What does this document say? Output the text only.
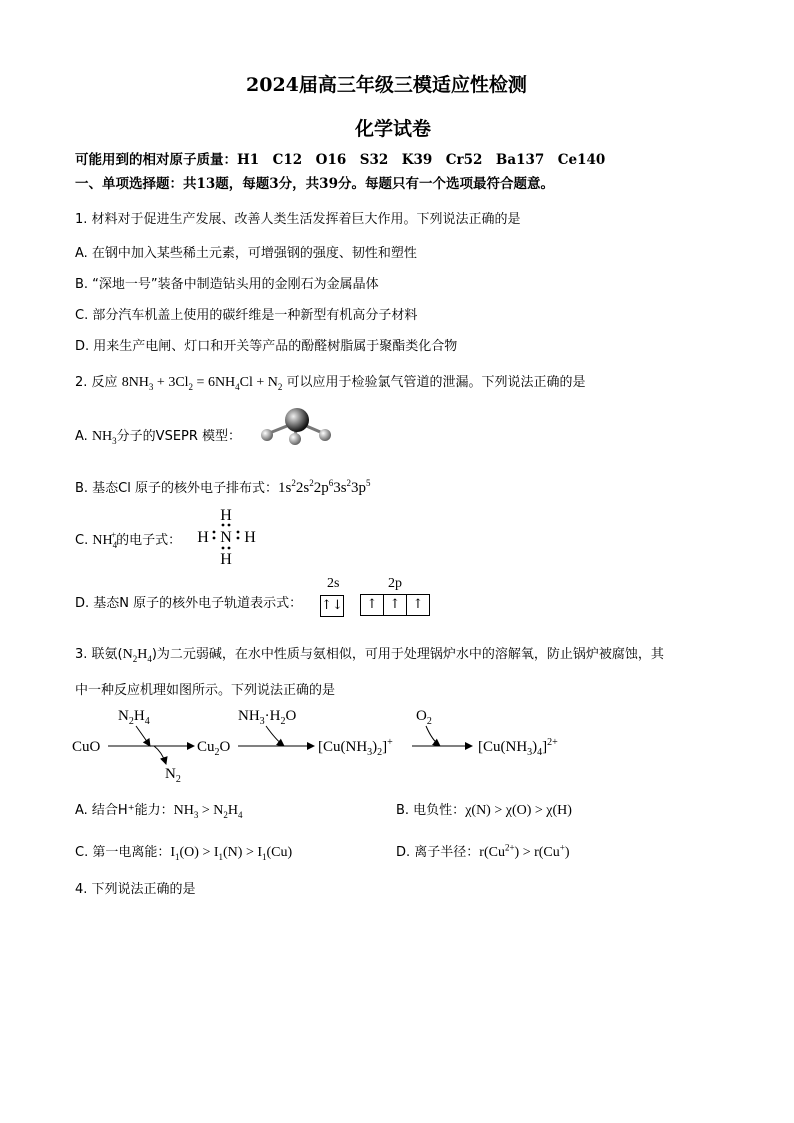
2024届高三年级三模适应性检测
化学试卷
可能用到的相对原子质量：H1　C12　O16　S32　K39　Cr52　Ba137　Ce140
一、单项选择题：共13题，每题3分，共39分。每题只有一个选项最符合题意。
1. 材料对于促进生产发展、改善人类生活发挥着巨大作用。下列说法正确的是
A. 在钢中加入某些稀土元素，可增强钢的强度、韧性和塑性
B. “深地一号”装备中制造钻头用的金刚石为金属晶体
C. 部分汽车机盖上使用的碳纤维是一种新型有机高分子材料
D. 用来生产电闸、灯口和开关等产品的酚醛树脂属于聚酯类化合物
2. 反应 $8NH_3 + 3Cl_2 = 6NH_4Cl + N_2$ 可以应用于检验氯气管道的泄漏。下列说法正确的是
A. $NH_3$分子的VSEPR 模型：
B. 基态Cl 原子的核外电子排布式：$1s^22s^22p^63s^23p^5$
C. $NH_4^+$的电子式：
H
H
H N H
D. 基态N 原子的核外电子轨道表示式：
2s	2p
↑↓	↑ ↑ ↑
3. 联氨$(N_2H_4)$为二元弱碱，在水中性质与氨相似，可用于处理锅炉水中的溶解氧，防止锅炉被腐蚀，其
中一种反应机理如图所示。下列说法正确的是
CuO
$N_2H_4$
$N_2$
$Cu_2O$
$NH_3\cdot H_2O$
$[Cu(NH_3)_2]^+$
$O_2$
$[Cu(NH_3)_4]^{2+}$
A. 结合H⁺能力：$NH_3 > N_2H_4$	B. 电负性：χ(N) > χ(O) > χ(H)
C. 第一电离能：$I_1(O) > I_1(N) > I_1(Cu)$	D. 离子半径：$r(Cu^{2+}) > r(Cu^+)$
4. 下列说法正确的是
